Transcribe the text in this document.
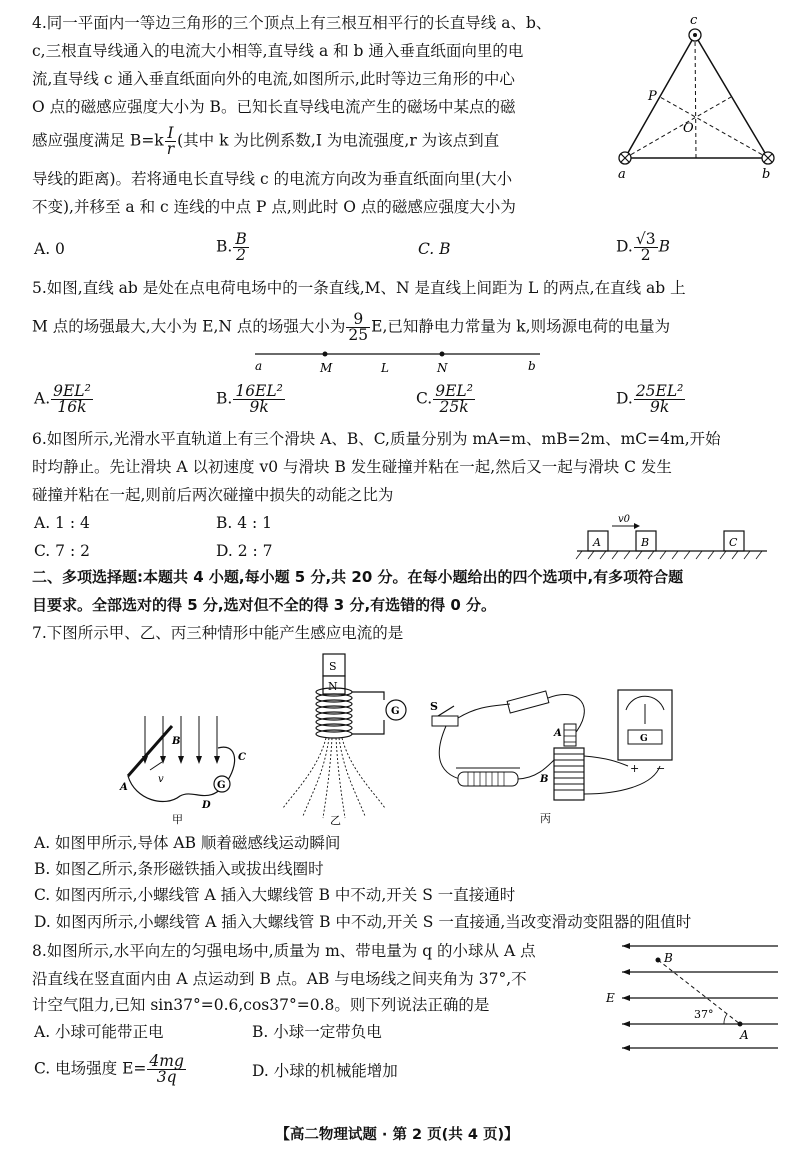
4.同一平面内一等边三角形的三个顶点上有三根互相平行的长直导线 a、b、
c,三根直导线通入的电流大小相等,直导线 a 和 b 通入垂直纸面向里的电
流,直导线 c 通入垂直纸面向外的电流,如图所示,此时等边三角形的中心
O 点的磁感应强度大小为 B。已知长直导线电流产生的磁场中某点的磁
感应强度满足 $B=k \frac{I}{r}$ (其中 k 为比例系数,I 为电流强度,r 为该点到直
导线的距离)。若将通电长直导线 c 的电流方向改为垂直纸面向里(大小
不变),并移至 a 和 c 连线的中点 P 点,则此时 O 点的磁感应强度大小为
A. 0	B. $\frac{B}{2}$	C. B	D. $\frac{√3}{2}$ B
c
a	b
P
O
5.如图,直线 ab 是处在点电荷电场中的一条直线,M、N 是直线上间距为 L 的两点,在直线 ab 上
M 点的场强最大,大小为 E,N 点的场强大小为 $\frac{9}{25} E$,已知静电力常量为 k,则场源电荷的电量为
a	M	L	N	b
A. $\frac{\text{9EL²}}{16k}$	B. $\frac{\text{16EL²}}{9k}$	C. $\frac{\text{9EL²}}{25k}$	D. $\frac{\text{25EL²}}{9k}$
6.如图所示,光滑水平直轨道上有三个滑块 A、B、C,质量分别为 mA=m、mB=2m、mC=4m,开始
时均静止。先让滑块 A 以初速度 v0 与滑块 B 发生碰撞并粘在一起,然后又一起与滑块 C 发生
碰撞并粘在一起,则前后两次碰撞中损失的动能之比为
A. 1 : 4	B. 4 : 1
C. 7 : 2	D. 2 : 7
v0
A	B	C
二、多项选择题:本题共 4 小题,每小题 5 分,共 20 分。在每小题给出的四个选项中,有多项符合题
目要求。全部选对的得 5 分,选对但不全的得 3 分,有选错的得 0 分。
7.下图所示甲、乙、丙三种情形中能产生感应电流的是
G
v
B
A
C
D
甲
S
N
G
乙
S
A
B
G
+ −
丙
A. 如图甲所示,导体 AB 顺着磁感线运动瞬间
B. 如图乙所示,条形磁铁插入或拔出线圈时
C. 如图丙所示,小螺线管 A 插入大螺线管 B 中不动,开关 S 一直接通时
D. 如图丙所示,小螺线管 A 插入大螺线管 B 中不动,开关 S 一直接通,当改变滑动变阻器的阻值时
8.如图所示,水平向左的匀强电场中,质量为 m、带电量为 q 的小球从 A 点
沿直线在竖直面内由 A 点运动到 B 点。AB 与电场线之间夹角为 37°,不
计空气阻力,已知 sin37°=0.6,cos37°=0.8。则下列说法正确的是
A. 小球可能带正电	B. 小球一定带负电
C. 电场强度 $E= \frac{4mg}{3q}$	D. 小球的机械能增加
B
A
E
37°
【高二物理试题 · 第 2 页(共 4 页)】
